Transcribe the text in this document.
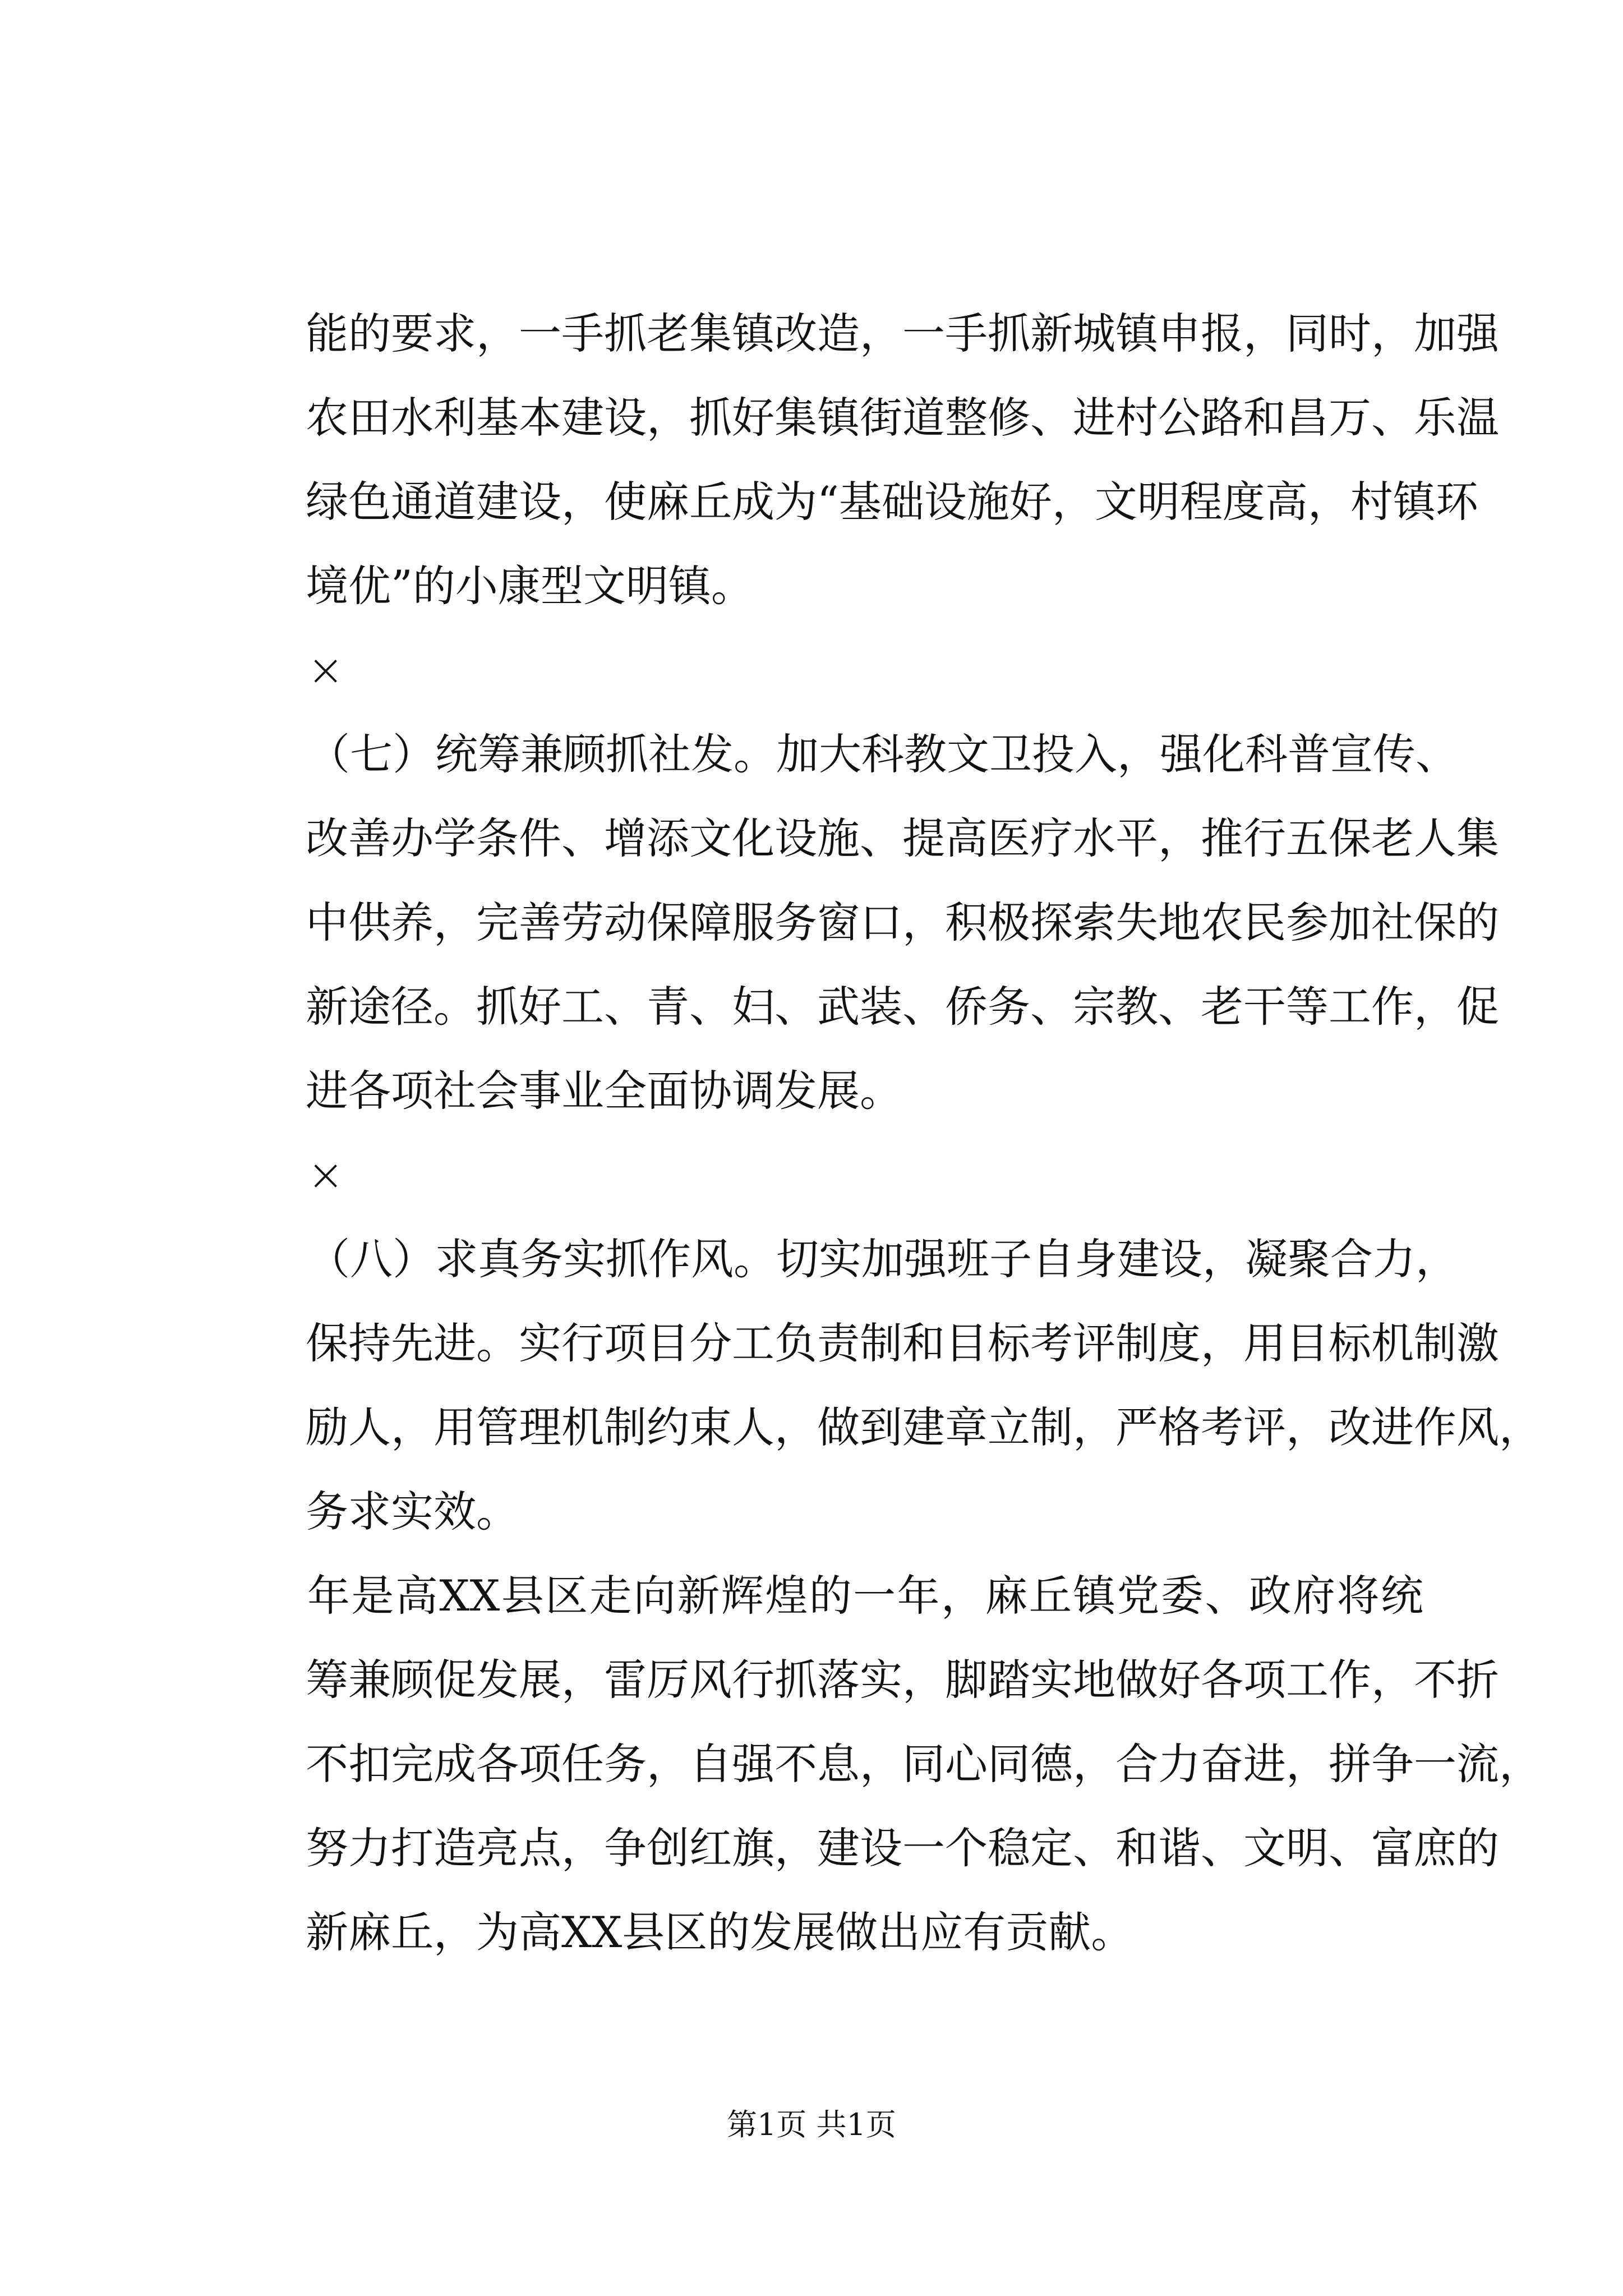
能的要求，一手抓老集镇改造，一手抓新城镇申报，同时，加强
农田水利基本建设，抓好集镇街道整修、进村公路和昌万、乐温
绿色通道建设，使麻丘成为“基础设施好，文明程度高，村镇环
境优”的小康型文明镇。
×
（七）统筹兼顾抓社发。加大科教文卫投入，强化科普宣传、
改善办学条件、增添文化设施、提高医疗水平，推行五保老人集
中供养，完善劳动保障服务窗口，积极探索失地农民参加社保的
新途径。抓好工、青、妇、武装、侨务、宗教、老干等工作，促
进各项社会事业全面协调发展。
×
（八）求真务实抓作风。切实加强班子自身建设，凝聚合力，
保持先进。实行项目分工负责制和目标考评制度，用目标机制激
励人，用管理机制约束人，做到建章立制，严格考评，改进作风，
务求实效。
年是高XX县区走向新辉煌的一年，麻丘镇党委、政府将统
筹兼顾促发展，雷厉风行抓落实，脚踏实地做好各项工作，不折
不扣完成各项任务，自强不息，同心同德，合力奋进，拼争一流，
努力打造亮点，争创红旗，建设一个稳定、和谐、文明、富庶的
新麻丘，为高XX县区的发展做出应有贡献。
第1页 共1页
